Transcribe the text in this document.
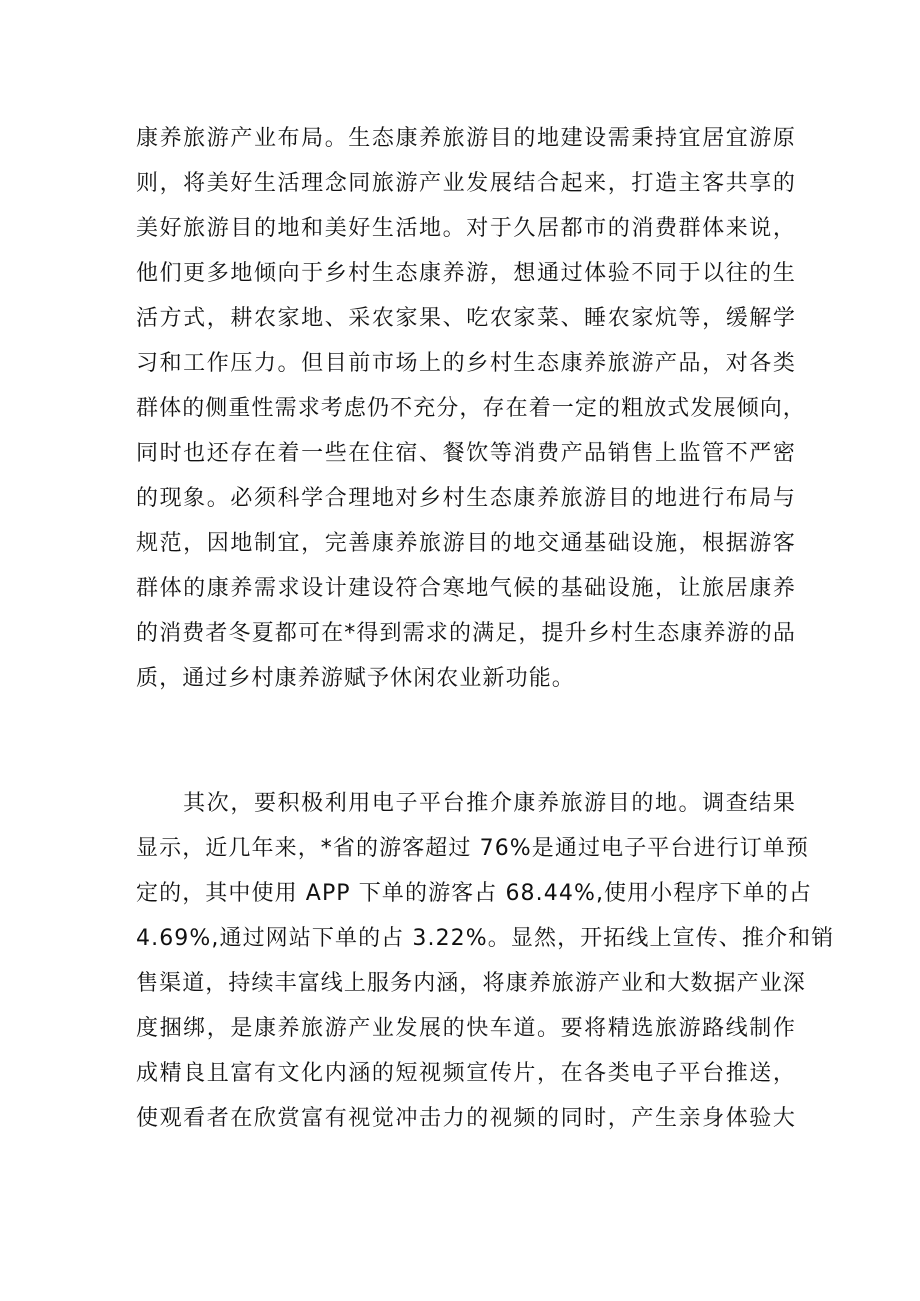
康养旅游产业布局。生态康养旅游目的地建设需秉持宜居宜游原
则，将美好生活理念同旅游产业发展结合起来，打造主客共享的
美好旅游目的地和美好生活地。对于久居都市的消费群体来说，
他们更多地倾向于乡村生态康养游，想通过体验不同于以往的生
活方式，耕农家地、采农家果、吃农家菜、睡农家炕等，缓解学
习和工作压力。但目前市场上的乡村生态康养旅游产品，对各类
群体的侧重性需求考虑仍不充分，存在着一定的粗放式发展倾向，
同时也还存在着一些在住宿、餐饮等消费产品销售上监管不严密
的现象。必须科学合理地对乡村生态康养旅游目的地进行布局与
规范，因地制宜，完善康养旅游目的地交通基础设施，根据游客
群体的康养需求设计建设符合寒地气候的基础设施，让旅居康养
的消费者冬夏都可在*得到需求的满足，提升乡村生态康养游的品
质，通过乡村康养游赋予休闲农业新功能。
　　其次，要积极利用电子平台推介康养旅游目的地。调查结果
显示，近几年来，*省的游客超过 76%是通过电子平台进行订单预
定的，其中使用 APP 下单的游客占 68.44%,使用小程序下单的占
4.69%,通过网站下单的占 3.22%。显然，开拓线上宣传、推介和销
售渠道，持续丰富线上服务内涵，将康养旅游产业和大数据产业深
度捆绑，是康养旅游产业发展的快车道。要将精选旅游路线制作
成精良且富有文化内涵的短视频宣传片，在各类电子平台推送，
使观看者在欣赏富有视觉冲击力的视频的同时，产生亲身体验大
